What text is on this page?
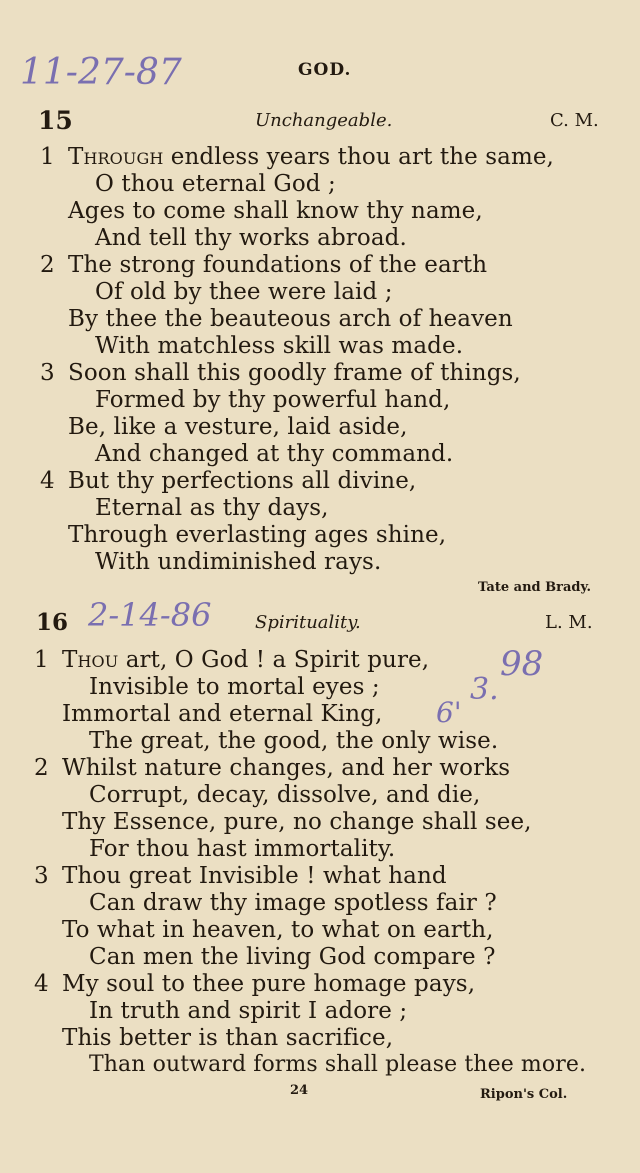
11-27-87	GOD.
15	Unchangeable.	C. M.
1 Through endless years thou art the same,
O thou eternal God ;
Ages to come shall know thy name,
And tell thy works abroad.
2 The strong foundations of the earth
Of old by thee were laid ;
By thee the beauteous arch of heaven
With matchless skill was made.
3 Soon shall this goodly frame of things,
Formed by thy powerful hand,
Be, like a vesture, laid aside,
And changed at thy command.
4 But thy perfections all divine,
Eternal as thy days,
Through everlasting ages shine,
With undiminished rays.
Tate and Brady.
16 2-14-86 Spirituality.	L. M.
98
3.
6'
1 Thou art, O God ! a Spirit pure,
Invisible to mortal eyes ;
Immortal and eternal King,
The great, the good, the only wise.
2 Whilst nature changes, and her works
Corrupt, decay, dissolve, and die,
Thy Essence, pure, no change shall see,
For thou hast immortality.
3 Thou great Invisible ! what hand
Can draw thy image spotless fair ?
To what in heaven, to what on earth,
Can men the living God compare ?
4 My soul to thee pure homage pays,
In truth and spirit I adore ;
This better is than sacrifice,
Than outward forms shall please thee more.
24	Ripon's Col.
